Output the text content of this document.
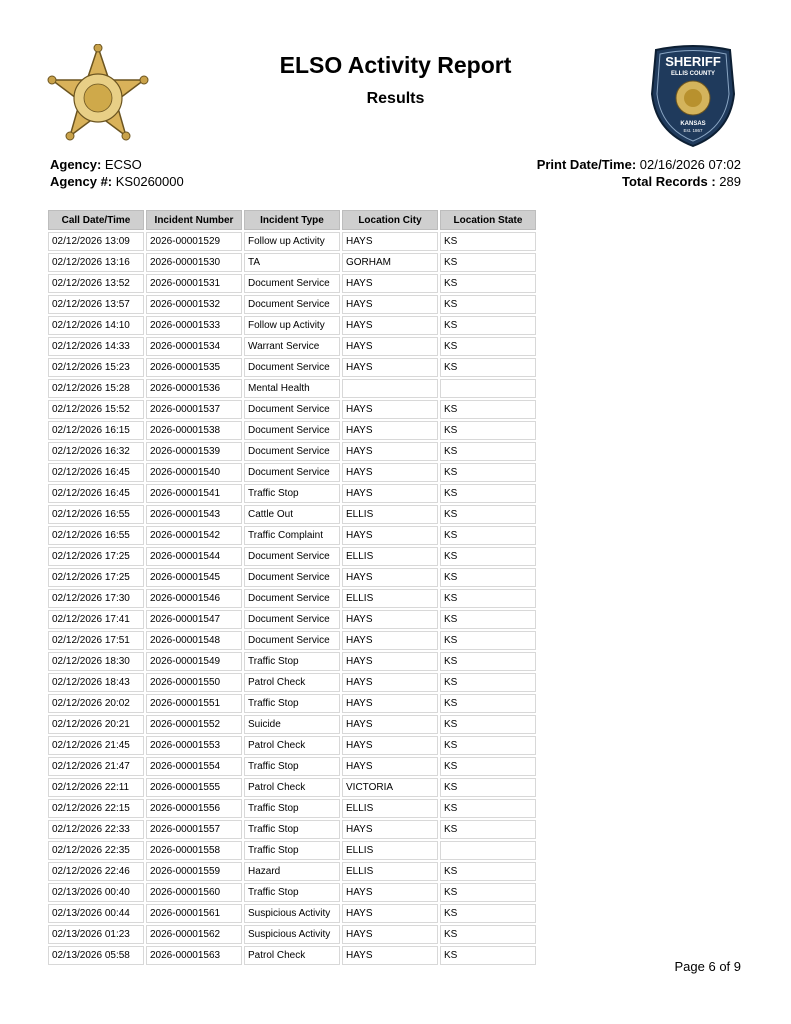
SHERIFF
ELLIS COUNTY
KANSAS
Est. 1867
ELSO Activity Report
Results
Agency: ECSO
Agency #: KS0260000
Print Date/Time: 02/16/2026 07:02
Total Records : 289
Call Date/Time	Incident Number	Incident Type	Location City	Location State
02/12/2026 13:09	2026-00001529	Follow up Activity	HAYS	KS
02/12/2026 13:16	2026-00001530	TA	GORHAM	KS
02/12/2026 13:52	2026-00001531	Document Service	HAYS	KS
02/12/2026 13:57	2026-00001532	Document Service	HAYS	KS
02/12/2026 14:10	2026-00001533	Follow up Activity	HAYS	KS
02/12/2026 14:33	2026-00001534	Warrant Service	HAYS	KS
02/12/2026 15:23	2026-00001535	Document Service	HAYS	KS
02/12/2026 15:28	2026-00001536	Mental Health		
02/12/2026 15:52	2026-00001537	Document Service	HAYS	KS
02/12/2026 16:15	2026-00001538	Document Service	HAYS	KS
02/12/2026 16:32	2026-00001539	Document Service	HAYS	KS
02/12/2026 16:45	2026-00001540	Document Service	HAYS	KS
02/12/2026 16:45	2026-00001541	Traffic Stop	HAYS	KS
02/12/2026 16:55	2026-00001543	Cattle Out	ELLIS	KS
02/12/2026 16:55	2026-00001542	Traffic Complaint	HAYS	KS
02/12/2026 17:25	2026-00001544	Document Service	ELLIS	KS
02/12/2026 17:25	2026-00001545	Document Service	HAYS	KS
02/12/2026 17:30	2026-00001546	Document Service	ELLIS	KS
02/12/2026 17:41	2026-00001547	Document Service	HAYS	KS
02/12/2026 17:51	2026-00001548	Document Service	HAYS	KS
02/12/2026 18:30	2026-00001549	Traffic Stop	HAYS	KS
02/12/2026 18:43	2026-00001550	Patrol Check	HAYS	KS
02/12/2026 20:02	2026-00001551	Traffic Stop	HAYS	KS
02/12/2026 20:21	2026-00001552	Suicide	HAYS	KS
02/12/2026 21:45	2026-00001553	Patrol Check	HAYS	KS
02/12/2026 21:47	2026-00001554	Traffic Stop	HAYS	KS
02/12/2026 22:11	2026-00001555	Patrol Check	VICTORIA	KS
02/12/2026 22:15	2026-00001556	Traffic Stop	ELLIS	KS
02/12/2026 22:33	2026-00001557	Traffic Stop	HAYS	KS
02/12/2026 22:35	2026-00001558	Traffic Stop	ELLIS	
02/12/2026 22:46	2026-00001559	Hazard	ELLIS	KS
02/13/2026 00:40	2026-00001560	Traffic Stop	HAYS	KS
02/13/2026 00:44	2026-00001561	Suspicious Activity	HAYS	KS
02/13/2026 01:23	2026-00001562	Suspicious Activity	HAYS	KS
02/13/2026 05:58	2026-00001563	Patrol Check	HAYS	KS
Page 6 of 9
